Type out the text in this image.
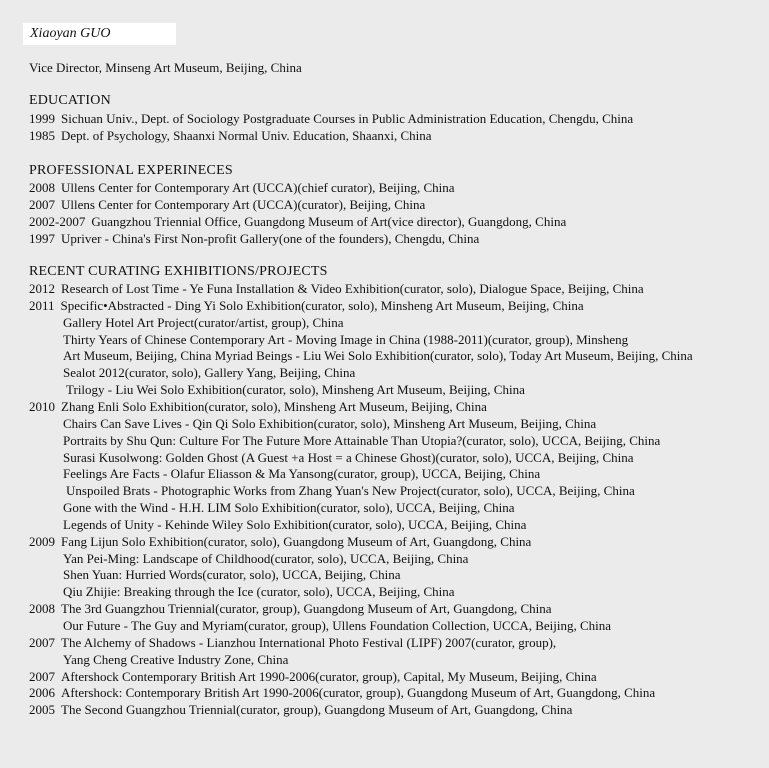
Xiaoyan GUO
Vice Director, Minseng Art Museum, Beijing, China
EDUCATION
1999 Sichuan Univ., Dept. of Sociology Postgraduate Courses in Public Administration Education, Chengdu, China
1985 Dept. of Psychology, Shaanxi Normal Univ. Education, Shaanxi, China
PROFESSIONAL EXPERINECES
2008 Ullens Center for Contemporary Art (UCCA)(chief curator), Beijing, China
2007 Ullens Center for Contemporary Art (UCCA)(curator), Beijing, China
2002-2007 Guangzhou Triennial Office, Guangdong Museum of Art(vice director), Guangdong, China
1997 Upriver - China's First Non-profit Gallery(one of the founders), Chengdu, China
RECENT CURATING EXHIBITIONS/PROJECTS
2012 Research of Lost Time - Ye Funa Installation & Video Exhibition(curator, solo), Dialogue Space, Beijing, China
2011 Specific•Abstracted - Ding Yi Solo Exhibition(curator, solo), Minsheng Art Museum, Beijing, China
Gallery Hotel Art Project(curator/artist, group), China
Thirty Years of Chinese Contemporary Art - Moving Image in China (1988-2011)(curator, group), Minsheng
Art Museum, Beijing, China Myriad Beings - Liu Wei Solo Exhibition(curator, solo), Today Art Museum, Beijing, China
Sealot 2012(curator, solo), Gallery Yang, Beijing, China
Trilogy - Liu Wei Solo Exhibition(curator, solo), Minsheng Art Museum, Beijing, China
2010 Zhang Enli Solo Exhibition(curator, solo), Minsheng Art Museum, Beijing, China
Chairs Can Save Lives - Qin Qi Solo Exhibition(curator, solo), Minsheng Art Museum, Beijing, China
Portraits by Shu Qun: Culture For The Future More Attainable Than Utopia?(curator, solo), UCCA, Beijing, China
Surasi Kusolwong: Golden Ghost (A Guest +a Host = a Chinese Ghost)(curator, solo), UCCA, Beijing, China
Feelings Are Facts - Olafur Eliasson & Ma Yansong(curator, group), UCCA, Beijing, China
Unspoiled Brats - Photographic Works from Zhang Yuan's New Project(curator, solo), UCCA, Beijing, China
Gone with the Wind - H.H. LIM Solo Exhibition(curator, solo), UCCA, Beijing, China
Legends of Unity - Kehinde Wiley Solo Exhibition(curator, solo), UCCA, Beijing, China
2009 Fang Lijun Solo Exhibition(curator, solo), Guangdong Museum of Art, Guangdong, China
Yan Pei-Ming: Landscape of Childhood(curator, solo), UCCA, Beijing, China
Shen Yuan: Hurried Words(curator, solo), UCCA, Beijing, China
Qiu Zhijie: Breaking through the Ice (curator, solo), UCCA, Beijing, China
2008 The 3rd Guangzhou Triennial(curator, group), Guangdong Museum of Art, Guangdong, China
Our Future - The Guy and Myriam(curator, group), Ullens Foundation Collection, UCCA, Beijing, China
2007 The Alchemy of Shadows - Lianzhou International Photo Festival (LIPF) 2007(curator, group),
Yang Cheng Creative Industry Zone, China
2007 Aftershock Contemporary British Art 1990-2006(curator, group), Capital, My Museum, Beijing, China
2006 Aftershock: Contemporary British Art 1990-2006(curator, group), Guangdong Museum of Art, Guangdong, China
2005 The Second Guangzhou Triennial(curator, group), Guangdong Museum of Art, Guangdong, China
